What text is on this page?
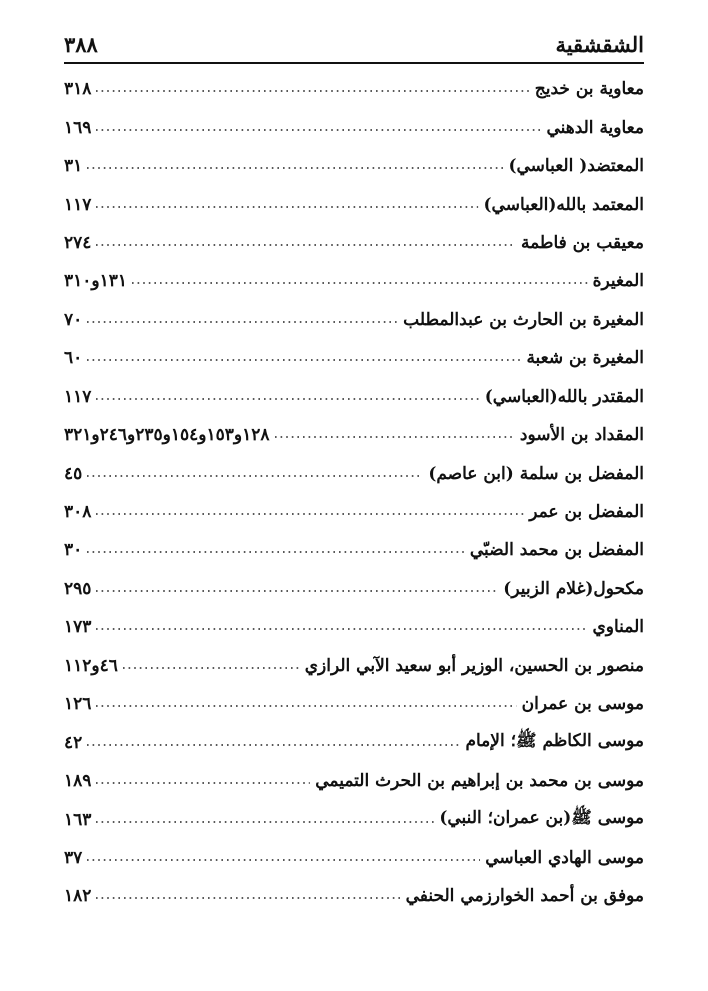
٣٨٨	الشقشقية
معاوية بن خديج
٣١٨
معاوية الدهني
١٦٩
المعتضد( العباسي)
٣١
المعتمد بالله(العباسي)
١١٧
معيقب بن فاطمة
٢٧٤
المغيرة
١٣١و٣١٠
المغيرة بن الحارث بن عبدالمطلب
٧٠
المغيرة بن شعبة
٦٠
المقتدر بالله(العباسي)
١١٧
المقداد بن الأسود
١٢٨و١٥٣و١٥٤و٢٣٥و٢٤٦و٣٢١
المفضل بن سلمة (ابن عاصم)
٤٥
المفضل بن عمر
٣٠٨
المفضل بن محمد الضبّي
٣٠
مكحول(غلام الزبير)
٢٩٥
المناوي
١٧٣
منصور بن الحسين، الوزير أبو سعيد الآبي الرازي
٤٦و١١٢
موسى بن عمران
١٢٦
موسى الكاظم ﷺ؛ الإمام
٤٢
موسى بن محمد بن إبراهيم بن الحرث التميمي
١٨٩
موسى ﷺ(بن عمران؛ النبي)
١٦٣
موسى الهادي العباسي
٣٧
موفق بن أحمد الخوارزمي الحنفي
١٨٢
